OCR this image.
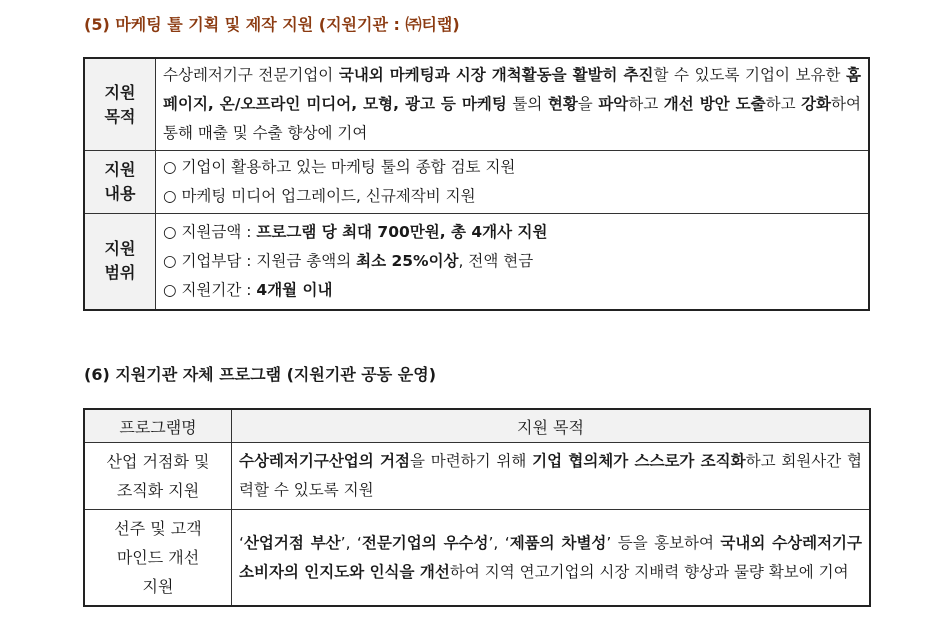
(5) 마케팅 툴 기획 및 제작 지원 (지원기관 : ㈜티랩)
지원
목적	수상레저기구 전문기업이 국내외 마케팅과 시장 개척활동을 활발히 추진할 수 있도록 기업이 보유한 홈페이지, 온/오프라인 미디어, 모형, 광고 등 마케팅 툴의 현황을 파악하고 개선 방안 도출하고 강화하여 통해 매출 및 수출 향상에 기여

지원
내용	○ 기업이 활용하고 있는 마케팅 툴의 종합 검토 지원
○ 마케팅 미디어 업그레이드, 신규제작비 지원

지원
범위	○ 지원금액 : 프로그램 당 최대 700만원, 총 4개사 지원
○ 기업부담 : 지원금 총액의 최소 25%이상, 전액 현금
○ 지원기간 : 4개월 이내
(6) 지원기관 자체 프로그램 (지원기관 공동 운영)
프로그램명	지원 목적

산업 거점화 및
조직화 지원	수상레저기구산업의 거점을 마련하기 위해 기업 협의체가 스스로가 조직화하고 회원사간 협력할 수 있도록 지원

선주 및 고객
마인드 개선
지원	‘산업거점 부산’, ‘전문기업의 우수성’, ‘제품의 차별성’ 등을 홍보하여 국내외 수상레저기구 소비자의 인지도와 인식을 개선하여 지역 연고기업의 시장 지배력 향상과 물량 확보에 기여
